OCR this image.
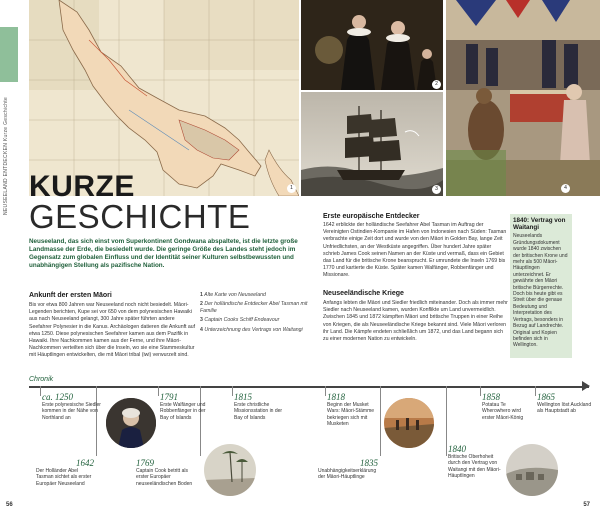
NEUSEELAND ENTDECKEN Kurze Geschichte	1
2
3	4
KURZE
GESCHICHTE
Neuseeland, das sich einst vom Superkontinent Gondwana abspaltete, ist die letzte große Landmasse der Erde, die besiedelt wurde. Die geringe Größe des Landes steht jedoch im Gegensatz zum globalen Einfluss und der Identität seiner Kulturen selbstbewussten und unabhängigen Stellung als pazifische Nation.
Ankunft der ersten Māori

Bis vor etwa 800 Jahren war Neuseeland noch nicht besiedelt. Māori-Legenden berichten, Kupe sei vor 650 von dem polynesischen Hawaiki aus nach Neuseeland gelangt, 300 Jahre später führten andere Seefahrer Polynesier in die Kanus. Archäologen datieren die Ankunft auf etwa 1250. Diese polynesischen Seefahrer kamen aus dem Pazifik in Hawaiki. Ihre Nachkommen kamen aus der Ferne, und ihre Māori-Nachkommen verteilten sich über die Inseln, wo sie eine Stammeskultur mit Häuptlingen entwickelten, die mit Māori tribal (iwi) verwurzelt sind.

1 Alte Karte von Neuseeland
2 Der holländische Entdecker Abel Tasman mit Familie
3 Captain Cooks Schiff Endeavour
4 Unterzeichnung des Vertrags von Waitangi
Erste europäische Entdecker

1642 erblickte der holländische Seefahrer Abel Tasman im Auftrag der Vereinigten Ostindien-Kompanie im Hafen von Indonesien nach Süden: Tasman verbrachte einige Zeit dort und wurde von den Māori in Golden Bay, lange Zeit Unfriedlichsten, an der Westküste angegriffen. Über hundert Jahre später schrieb James Cook seinen Namen an der Küste und vermaß, dass ein Gebiet das Land für die britische Krone beansprucht. Er umrundete die Inseln 1769 bis 1770 und kartierte die Küste. Später kamen Walfänger, Robbenfänger und Missionare.

Neuseeländische Kriege

Anfangs lebten die Māori und Siedler friedlich miteinander. Doch als immer mehr Siedler nach Neuseeland kamen, wurden Konflikte um Land unvermeidlich. Zwischen 1845 und 1872 kämpften Māori und britische Truppen in einer Reihe von Kriegen, die als Neuseeländische Kriege bekannt sind. Viele Māori verloren ihr Land. Die Kämpfe endeten schließlich um 1872, und das Land begann sich zu einer modernen Nation zu entwickeln.

1840: Vertrag von Waitangi

Neuseelands Gründungsdokument wurde 1840 zwischen der britischen Krone und mehr als 500 Māori-Häuptlingen unterzeichnet. Er gewährte den Māori britische Bürgerrechte. Doch bis heute gibt es Streit über die genaue Bedeutung und Interpretation des Vertrags, besonders in Bezug auf Landrechte. Original und Kopien befinden sich in Wellington.

Chronik
ca. 1250
Erste polynesische Siedler kommen in der Nähe von Northland an
1791
Erste Walfänger und Robbenfänger in der Bay of Islands
1815
Erste christliche Missionsstation in der Bay of Islands
1818
Beginn der Musket Wars: Māori-Stämme bekriegen sich mit Musketen
1858
Potatau Te Wherowhero wird erster Māori-König
1865
Wellington löst Auckland als Hauptstadt ab
1642
Der Holländer Abel Tasman sichtet als erster Europäer Neuseeland
1769
Captain Cook betritt als erster Europäer neuseeländischen Boden
1835
Unabhängigkeitserklärung der Māori-Häuptlinge
1840
Britische Oberhoheit durch den Vertrag von Waitangi mit den Māori-Häuptlingen
56	57
